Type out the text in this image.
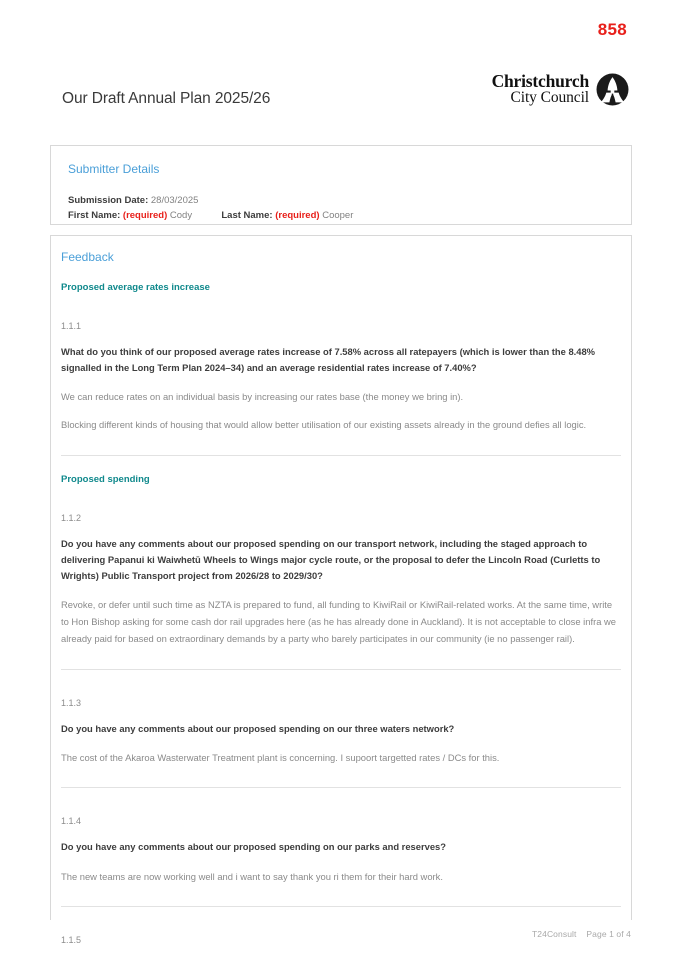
858
Our Draft Annual Plan 2025/26
Christchurch
City Council
Submitter Details
Submission Date: 28/03/2025
First Name: (required) Cody	Last Name: (required) Cooper
Feedback
Proposed average rates increase
1.1.1
What do you think of our proposed average rates increase of 7.58% across all ratepayers (which is lower than the 8.48% signalled in the Long Term Plan 2024–34) and an average residential rates increase of 7.40%?
We can reduce rates on an individual basis by increasing our rates base (the money we bring in).
Blocking different kinds of housing that would allow better utilisation of our existing assets already in the ground defies all logic.
Proposed spending
1.1.2
Do you have any comments about our proposed spending on our transport network, including the staged approach to delivering Papanui ki Waiwhetū Wheels to Wings major cycle route, or the proposal to defer the Lincoln Road (Curletts to Wrights) Public Transport project from 2026/28 to 2029/30?
Revoke, or defer until such time as NZTA is prepared to fund, all funding to KiwiRail or KiwiRail-related works. At the same time, write to Hon Bishop asking for some cash dor rail upgrades here (as he has already done in Auckland). It is not acceptable to close infra we already paid for based on extraordinary demands by a party who barely participates in our community (ie no passenger rail).
1.1.3
Do you have any comments about our proposed spending on our three waters network?
The cost of the Akaroa Wasterwater Treatment plant is concerning. I supoort targetted rates / DCs for this.
1.1.4
Do you have any comments about our proposed spending on our parks and reserves?
The new teams are now working well and i want to say thank you ri them for their hard work.
1.1.5
T24Consult Page 1 of 4
